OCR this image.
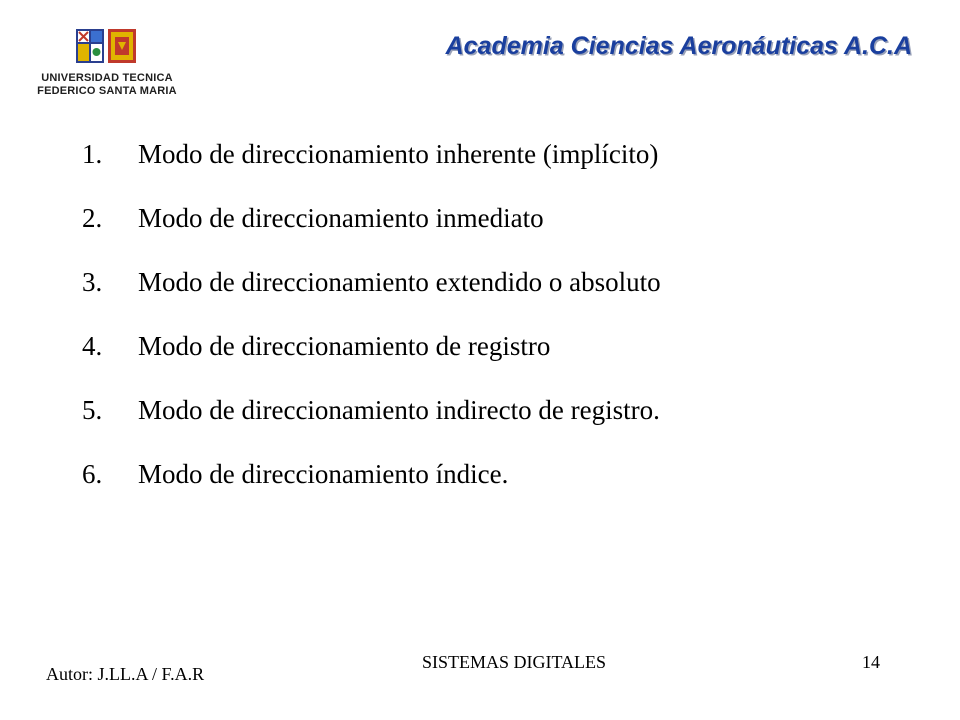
UNIVERSIDAD TECNICA
FEDERICO SANTA MARIA
Academia Ciencias Aeronáuticas A.C.A
1. Modo de direccionamiento inherente (implícito)
2. Modo de direccionamiento inmediato
3. Modo de direccionamiento extendido o absoluto
4. Modo de direccionamiento de registro
5. Modo de direccionamiento indirecto de registro.
6. Modo de direccionamiento índice.
SISTEMAS DIGITALES	14
Autor: J.LL.A / F.A.R
